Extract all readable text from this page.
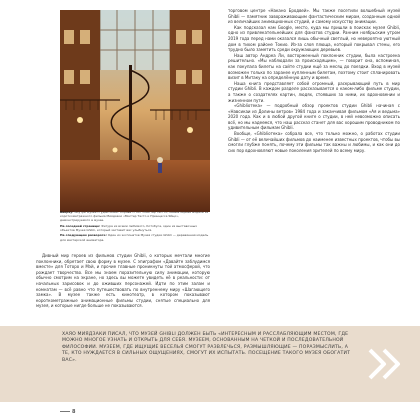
Вверху: Внутри Музея студии Ghibli. Справа стоит «Мистер Тесто», миниатюрная модель из короткометражного фильма Миядзаки «Мистер Тесто и Принцесса Яйцо», демонстрируемого в музее.

На соседней странице: Фигура из всеми любимого, Котобуса, один из выставочных объектов Музея Ghibli, который заставит вас улыбнуться.

На следующем развороте: Один из экспонатов Музея студии Ghibli — деревянная модель для мастерской аниматора.

Дивный мир героев из фильмов студии Ghibli, о которых мечтали многие поклонники, обретает свою форму в музее. С эпиграфом «Давайте заблудимся вместе» для Тоторо и Мэй, и прочие главные проникнуты той атмосферой, что рождает творчество. Все мы знаем поразительную силу анимации, которую обычно смотрим на экране, но здесь вы можете увидеть её в реальности: от начальных зарисовок и до оживших персонажей. Идти по этим залам и комнатам — всё равно что путешествовать по внутреннему миру «Шагающего замка». В музее также есть кинотеатр, в котором показывают короткометражные анимационные фильмы студии, снятые специально для музея, и которые нигде больше не показываются.

торговом центре «Накано Бродвей». Мы также посетили волшебный музей Ghibli — памятник завораживающим фантастическим мирам, созданным одной из величайших анимационных студий, и самому искусству анимации.

Как подсказал нам Google, место, куда мы пришли в поисках музея Ghibli, одно из привлекательнейших для фанатов студии. Ранним ноябрьским утром 2019 года перед нами оказался лишь обычный светлый, но невероятно уютный дом в тихом районе Токио. Из-за слоя плюща, который покрывал стены, его трудно было заметить среди окружающих деревьев.

Наш автор Андреа Ли, восторженный поклонник студии, была настроена решительно. «Мы наблюдали за происходящим», — говорит она, вспоминая, как покупала билеты на сайте студии ещё за месяц до поездки. Вход в музей возможен только по заранее купленным билетам, поэтому стоит спланировать визит в Митаку на определённую дату и время.

Наша книга представляет собой огромный, раскрывающий путь в мир студии Ghibli. В каждом разделе рассказывается о каком-либо фильме студии, а также о создателях картин, людях, стоявших за ними, их вдохновении и жизненном пути.

«Ghibliотека» — подробный обзор проектов студии Ghibli начиная с «Навсикаи из Долины ветров» 1984 года и заканчивая фильмом «Ая и ведьма» 2020 года. Как и в любой другой книге о студии, в ней невозможно описать всё, но мы надеемся, что наш рассказ станет для вас хорошим проводником по удивительным фильмам Ghibli.

Вообще, «Ghibliотека» собрала все, что только можно, о работах студии Ghibli — от её величайших фильмов до наименее известных проектов, чтобы вы смогли глубже понять, почему эти фильмы так важны и любимы, и как они до сих пор вдохновляют новые поколения зрителей по всему миру.

ХАЯО МИЯДЗАКИ ПИСАЛ, ЧТО МУЗЕЙ GHIBLI ДОЛЖЕН БЫТЬ «ИНТЕРЕСНЫМ И РАССЛАБЛЯЮЩИМ МЕСТОМ, ГДЕ МОЖНО МНОГОЕ УЗНАТЬ И ОТКРЫТЬ ДЛЯ СЕБЯ. МУЗЕЕМ, ОСНОВАННЫМ НА ЧЕТКОЙ И ПОСЛЕДОВАТЕЛЬНОЙ ФИЛОСОФИИ. МУЗЕЕМ, ГДЕ ИЩУЩИЕ ВЕСЕЛЬЯ СМОГУТ РАЗВЛЕЧЬСЯ, РАЗМЫШЛЯЮЩИЕ — ПОРАЗМЫСЛИТЬ, А ТЕ, КТО НУЖДАЕТСЯ В СИЛЬНЫХ ОЩУЩЕНИЯХ, СМОГУТ ИХ ИСПЫТАТЬ. ПОСЕЩЕНИЕ ТАКОГО МУЗЕЯ ОБОГАТИТ ВАС».
8
